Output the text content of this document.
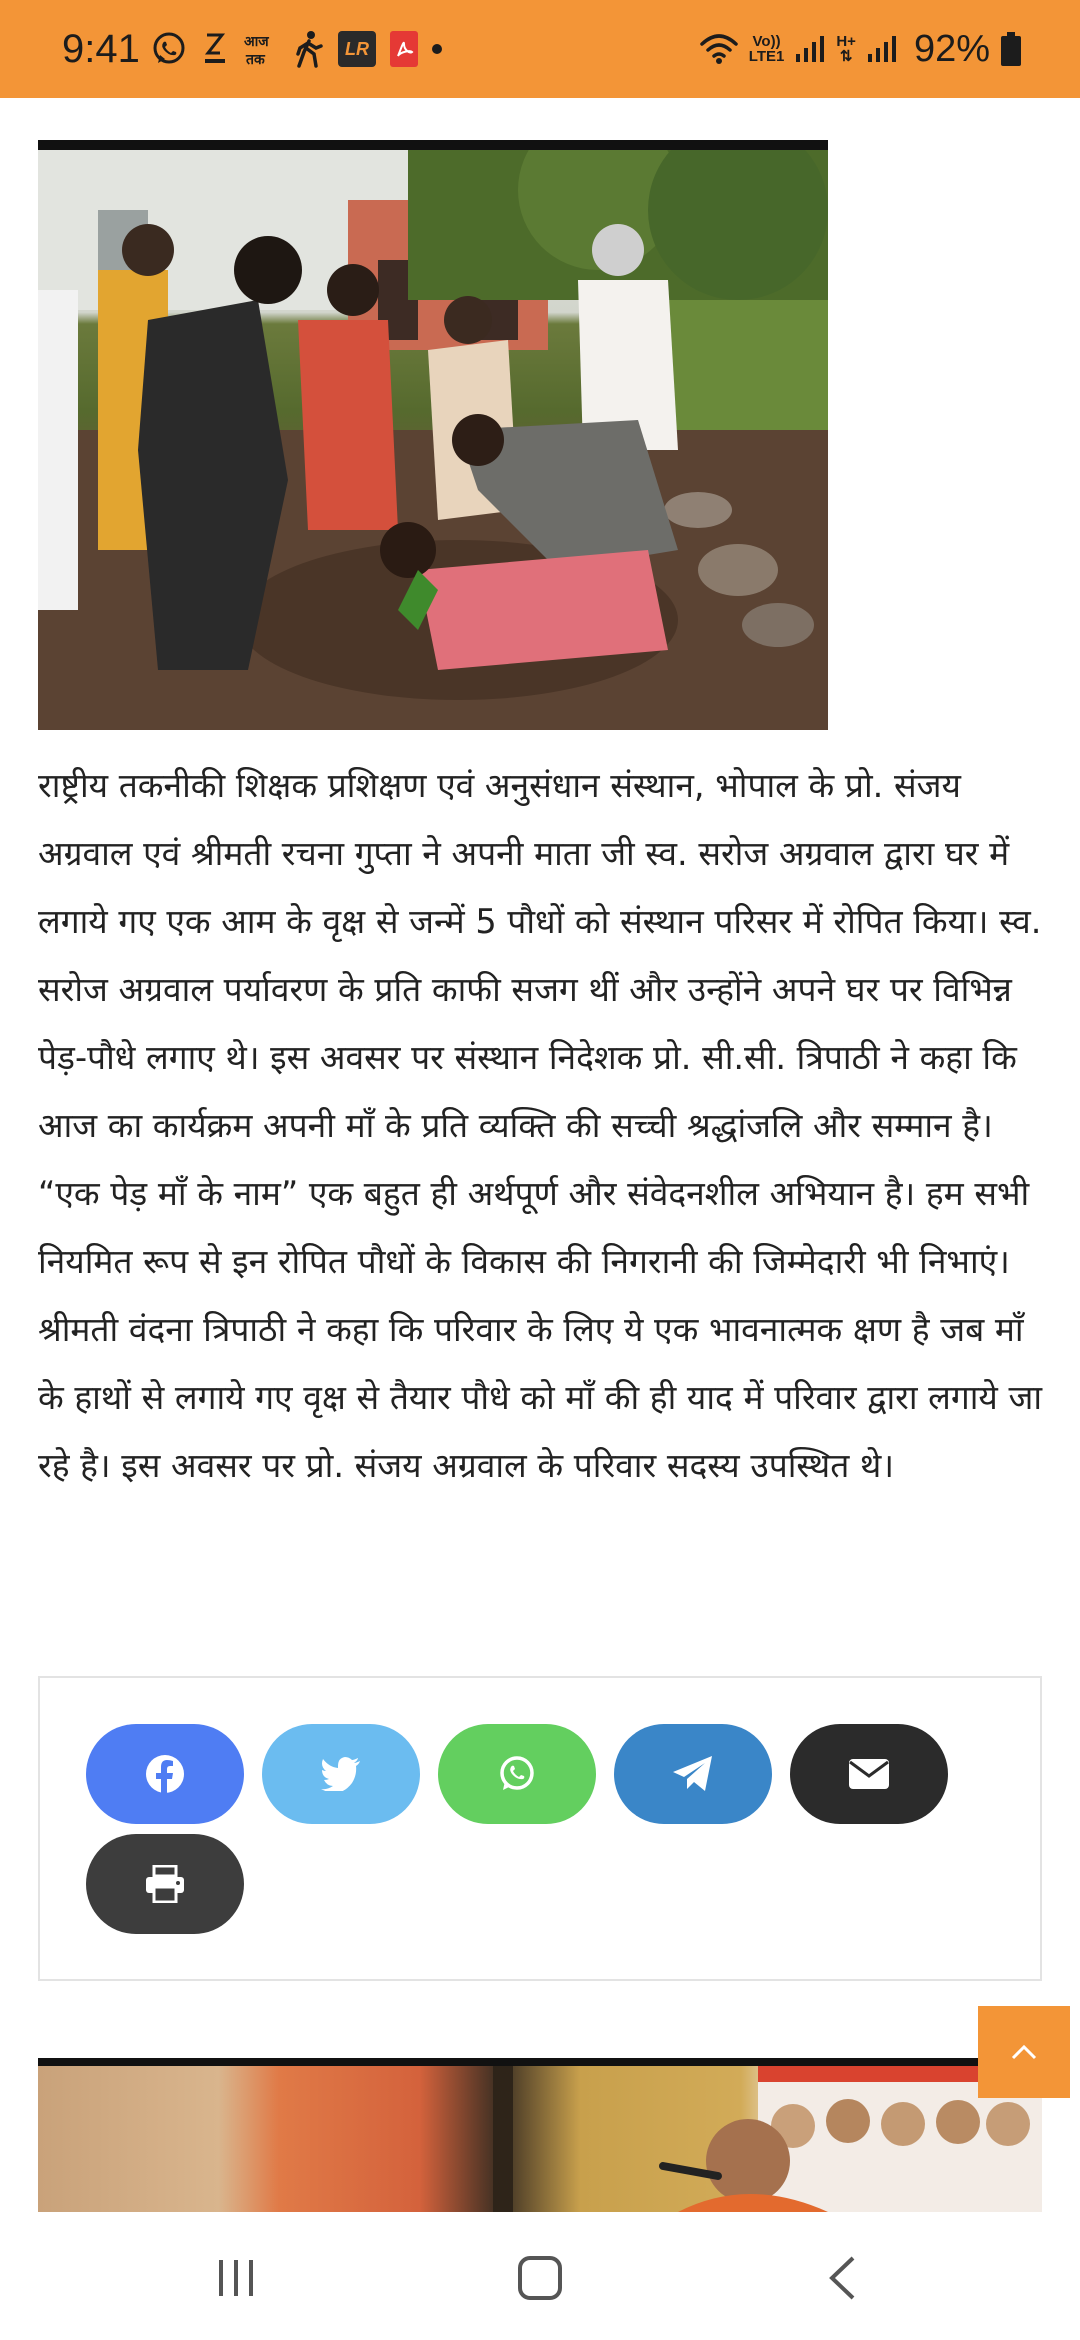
9:41	आज
तक
LR	Vo))
LTE1
H+
⇅ 92%

राष्ट्रीय तकनीकी शिक्षक प्रशिक्षण एवं अनुसंधान संस्थान, भोपाल के प्रो. संजय अग्रवाल एवं श्रीमती रचना गुप्ता ने अपनी माता जी स्व. सरोज अग्रवाल द्वारा घर में लगाये गए एक आम के वृक्ष से जन्में 5 पौधों को संस्थान परिसर में रोपित किया। स्व. सरोज अग्रवाल पर्यावरण के प्रति काफी सजग थीं और उन्होंने अपने घर पर विभिन्न पेड़-पौधे लगाए थे। इस अवसर पर संस्थान निदेशक प्रो. सी.सी. त्रिपाठी ने कहा कि आज का कार्यक्रम अपनी माँ के प्रति व्यक्ति की सच्ची श्रद्धांजलि और सम्मान है। “एक पेड़ माँ के नाम” एक बहुत ही अर्थपूर्ण और संवेदनशील अभियान है। हम सभी नियमित रूप से इन रोपित पौधों के विकास की निगरानी की जिम्मेदारी भी निभाएं। श्रीमती वंदना त्रिपाठी ने कहा कि परिवार के लिए ये एक भावनात्मक क्षण है जब माँ के हाथों से लगाये गए वृक्ष से तैयार पौधे को माँ की ही याद में परिवार द्वारा लगाये जा रहे है। इस अवसर पर प्रो. संजय अग्रवाल के परिवार सदस्य उपस्थित थे।
